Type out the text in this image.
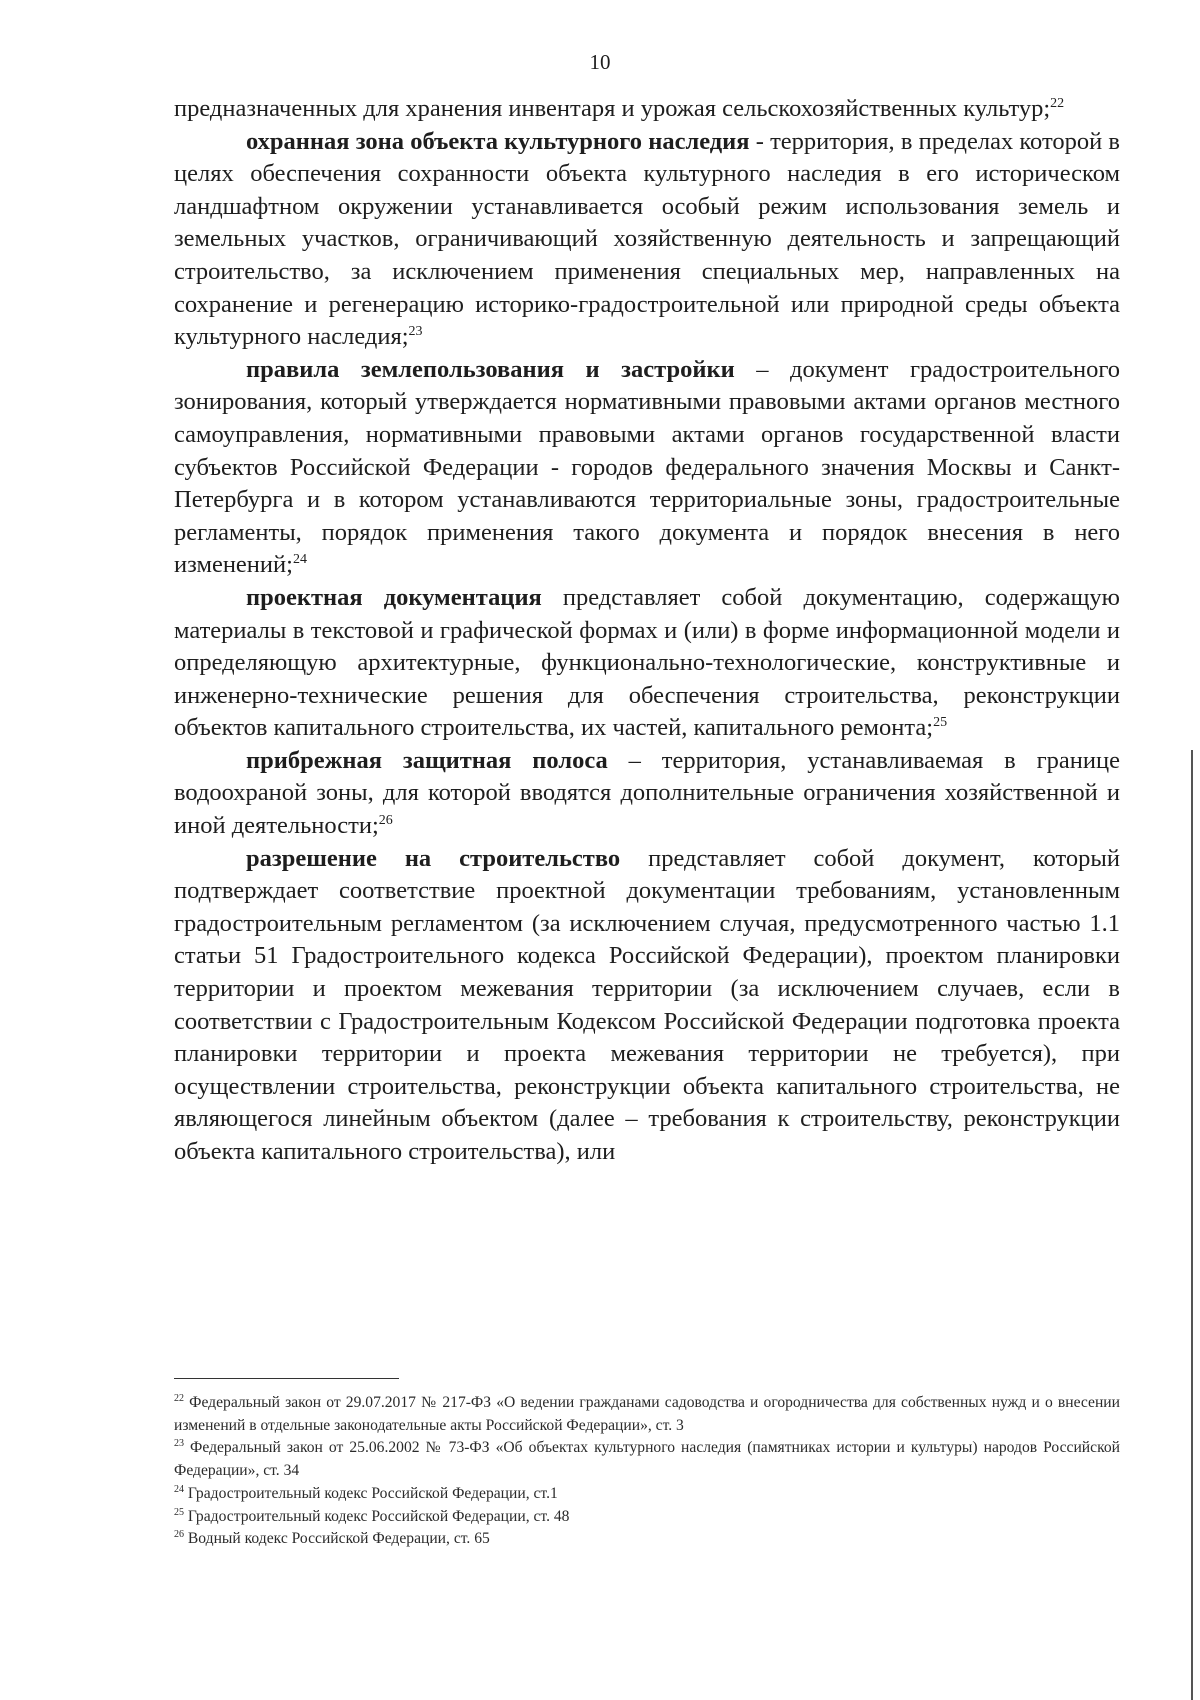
10

предназначенных для хранения инвентаря и урожая сельскохозяйственных культур;$^{22}$

охранная зона объекта культурного наследия - территория, в пределах которой в целях обеспечения сохранности объекта культурного наследия в его историческом ландшафтном окружении устанавливается особый режим использования земель и земельных участков, ограничивающий хозяйственную деятельность и запрещающий строительство, за исключением применения специальных мер, направленных на сохранение и регенерацию историко-градостроительной или природной среды объекта культурного наследия;$^{23}$

правила землепользования и застройки – документ градостроительного зонирования, который утверждается нормативными правовыми актами органов местного самоуправления, нормативными правовыми актами органов государственной власти субъектов Российской Федерации - городов федерального значения Москвы и Санкт-Петербурга и в котором устанавливаются территориальные зоны, градостроительные регламенты, порядок применения такого документа и порядок внесения в него изменений;$^{24}$

проектная документация представляет собой документацию, содержащую материалы в текстовой и графической формах и (или) в форме информационной модели и определяющую архитектурные, функционально-технологические, конструктивные и инженерно-технические решения для обеспечения строительства, реконструкции объектов капитального строительства, их частей, капитального ремонта;$^{25}$

прибрежная защитная полоса – территория, устанавливаемая в границе водоохраной зоны, для которой вводятся дополнительные ограничения хозяйственной и иной деятельности;$^{26}$

разрешение на строительство представляет собой документ, который подтверждает соответствие проектной документации требованиям, установленным градостроительным регламентом (за исключением случая, предусмотренного частью 1.1 статьи 51 Градостроительного кодекса Российской Федерации), проектом планировки территории и проектом межевания территории (за исключением случаев, если в соответствии с Градостроительным Кодексом Российской Федерации подготовка проекта планировки территории и проекта межевания территории не требуется), при осуществлении строительства, реконструкции объекта капитального строительства, не являющегося линейным объектом (далее – требования к строительству, реконструкции объекта капитального строительства), или

$^{22}$ Федеральный закон от 29.07.2017 № 217-ФЗ «О ведении гражданами садоводства и огородничества для собственных нужд и о внесении изменений в отдельные законодательные акты Российской Федерации», ст. 3

$^{23}$ Федеральный закон от 25.06.2002 № 73-ФЗ «Об объектах культурного наследия (памятниках истории и культуры) народов Российской Федерации», ст. 34

$^{24}$ Градостроительный кодекс Российской Федерации, ст.1

$^{25}$ Градостроительный кодекс Российской Федерации, ст. 48

$^{26}$ Водный кодекс Российской Федерации, ст. 65
